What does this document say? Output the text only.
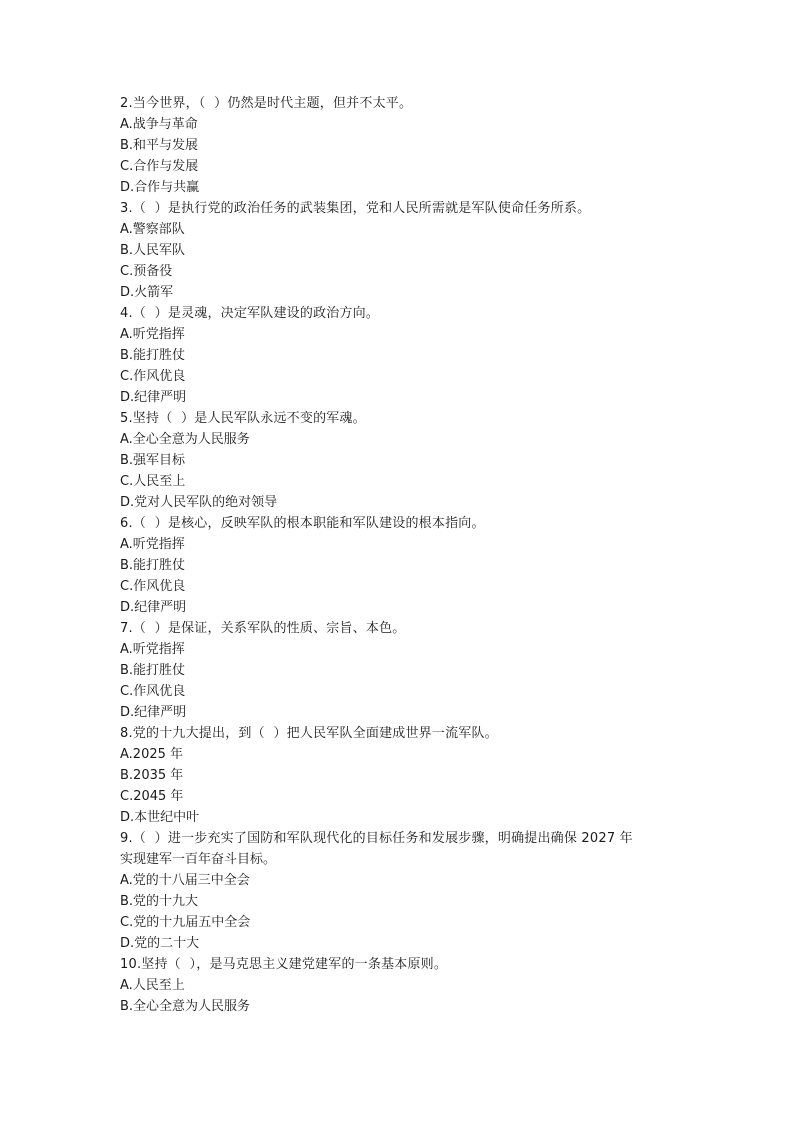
2.当今世界，（  ）仍然是时代主题，但并不太平。
A.战争与革命
B.和平与发展
C.合作与发展
D.合作与共赢
3.（  ）是执行党的政治任务的武装集团，党和人民所需就是军队使命任务所系。
A.警察部队
B.人民军队
C.预备役
D.火箭军
4.（  ）是灵魂，决定军队建设的政治方向。
A.听党指挥
B.能打胜仗
C.作风优良
D.纪律严明
5.坚持（  ）是人民军队永远不变的军魂。
A.全心全意为人民服务
B.强军目标
C.人民至上
D.党对人民军队的绝对领导
6.（  ）是核心，反映军队的根本职能和军队建设的根本指向。
A.听党指挥
B.能打胜仗
C.作风优良
D.纪律严明
7.（  ）是保证，关系军队的性质、宗旨、本色。
A.听党指挥
B.能打胜仗
C.作风优良
D.纪律严明
8.党的十九大提出，到（  ）把人民军队全面建成世界一流军队。
A.2025 年
B.2035 年
C.2045 年
D.本世纪中叶
9.（  ）进一步充实了国防和军队现代化的目标任务和发展步骤，明确提出确保 2027 年
实现建军一百年奋斗目标。
A.党的十八届三中全会
B.党的十九大
C.党的十九届五中全会
D.党的二十大
10.坚持（  ），是马克思主义建党建军的一条基本原则。
A.人民至上
B.全心全意为人民服务
